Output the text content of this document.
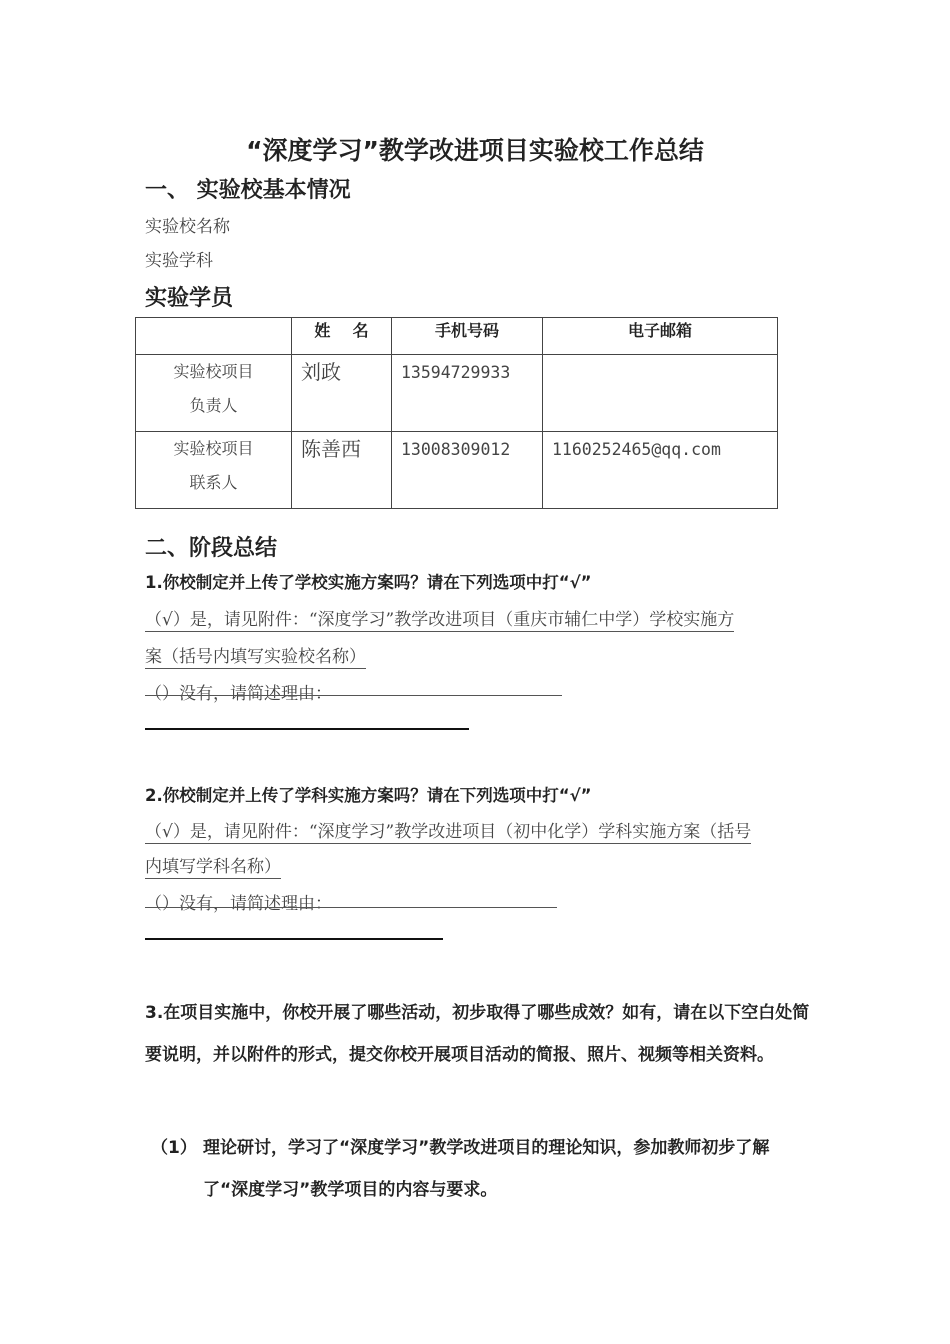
“深度学习”教学改进项目实验校工作总结
一、 实验校基本情况
实验校名称
实验学科
实验学员
	姓    名	手机号码	电子邮箱

实验校项目
负责人	刘政	13594729933	

实验校项目
联系人	陈善西	13008309012	1160252465@qq.com
二、阶段总结
1.你校制定并上传了学校实施方案吗？请在下列选项中打“√”
（√）是，请见附件：“深度学习”教学改进项目（重庆市辅仁中学）学校实施方
案（括号内填写实验校名称）
（）没有，请简述理由：
2.你校制定并上传了学科实施方案吗？请在下列选项中打“√”
（√）是，请见附件：“深度学习”教学改进项目（初中化学）学科实施方案（括号
内填写学科名称）
（）没有，请简述理由：
3.在项目实施中，你校开展了哪些活动，初步取得了哪些成效？如有，请在以下空白处简要说明，并以附件的形式，提交你校开展项目活动的简报、照片、视频等相关资料。
（1） 理论研讨，学习了“深度学习”教学改进项目的理论知识，参加教师初步了解了“深度学习”教学项目的内容与要求。
